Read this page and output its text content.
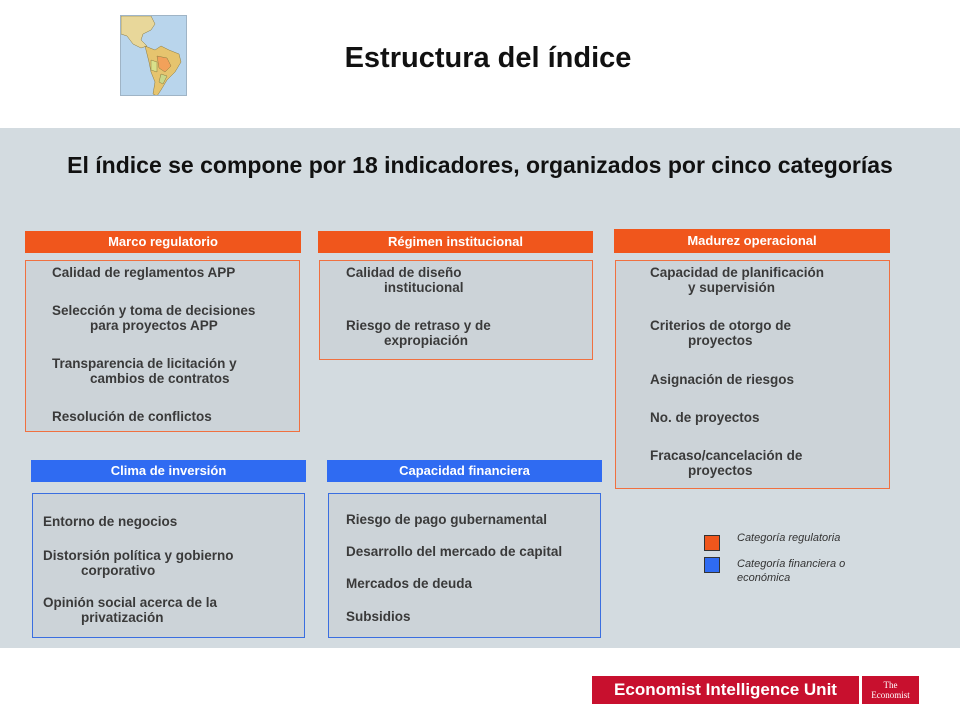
Estructura del índice
El índice se compone por 18 indicadores, organizados por cinco categorías
Marco regulatorio
Calidad de reglamentos APP
Selección y toma de decisiones
para proyectos APP
Transparencia de licitación y
cambios de contratos
Resolución de conflictos
Régimen institucional
Calidad de diseño
institucional
Riesgo de retraso y de
expropiación
Madurez operacional
Capacidad de planificación
y supervisión
Criterios de otorgo de
proyectos
Asignación de riesgos
No. de proyectos
Fracaso/cancelación de
proyectos
Clima de inversión
Entorno de negocios
Distorsión política y gobierno
corporativo
Opinión social acerca de la
privatización
Capacidad financiera
Riesgo de pago gubernamental
Desarrollo del mercado de capital
Mercados de deuda
Subsidios
Categoría regulatoria
Categoría financiera o
económica
Economist Intelligence Unit	The
Economist
